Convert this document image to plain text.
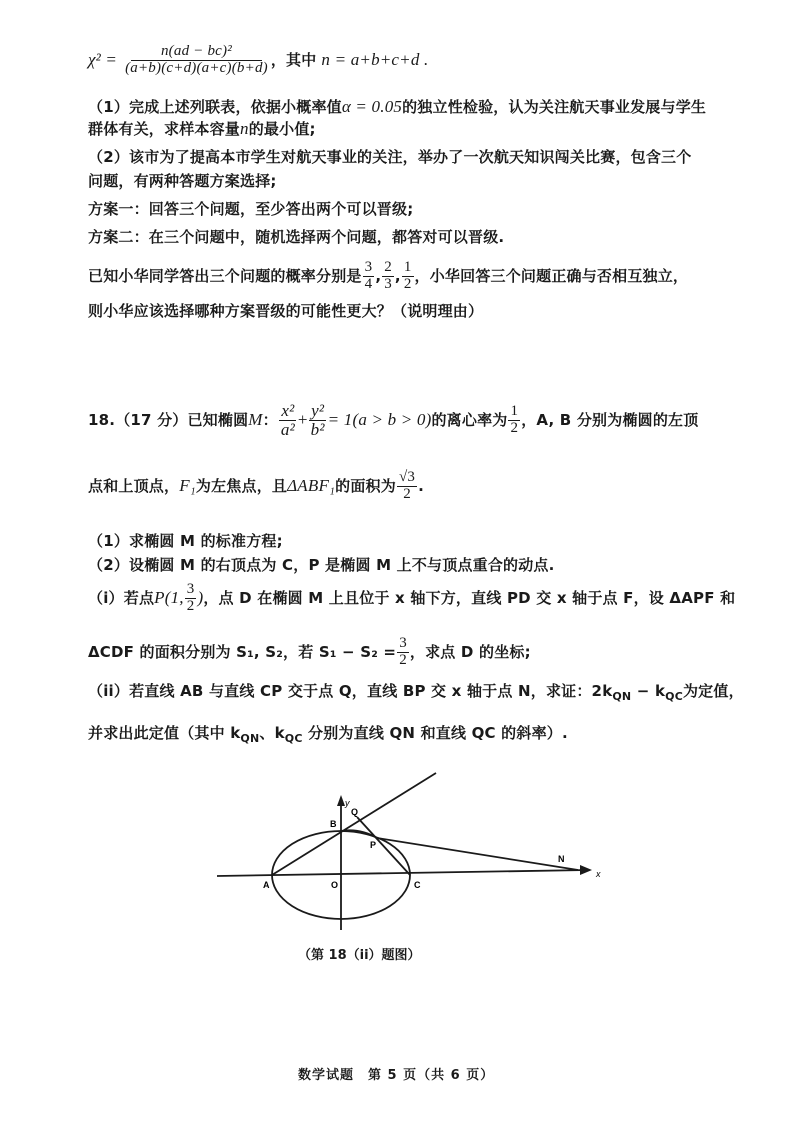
$\chi^2 = \frac{\text{n(ad − bc)²}}{(a+b)(c+d)(a+c)(b+d)}$ ，其中 n = a+b+c+d .
（1）完成上述列联表，依据小概率值α = 0.05的独立性检验，认为关注航天事业发展与学生
群体有关，求样本容量n的最小值;
（2）该市为了提高本市学生对航天事业的关注，举办了一次航天知识闯关比赛，包含三个
问题，有两种答题方案选择;
方案一：回答三个问题，至少答出两个可以晋级;
方案二：在三个问题中，随机选择两个问题，都答对可以晋级.
已知小华同学答出三个问题的概率分别是 $\frac{3}{4}$ , $\frac{2}{3}$ , $\frac{1}{2}$ ，小华回答三个问题正确与否相互独立，
则小华应该选择哪种方案晋级的可能性更大？（说明理由）
18.（17 分）已知椭圆M： $\frac{\text{x²}}{\text{a²}} + \frac{\text{y²}}{\text{b²}} = 1(a > b > 0)$的离心率为 $\frac{1}{2}$ ，A, B 分别为椭圆的左顶
点和上顶点，F₁为左焦点，且ΔABF₁的面积为 $\frac{√3}{2}$ .
（1）求椭圆 M 的标准方程;
（2）设椭圆 M 的右顶点为 C，P 是椭圆 M 上不与顶点重合的动点.
（i）若点P(1, $\frac{3}{2}$ )，点 D 在椭圆 M 上且位于 x 轴下方，直线 PD 交 x 轴于点 F，设 ΔAPF 和
ΔCDF 的面积分别为 S₁, S₂，若 $S_1 - S_2 = \frac{3}{2}$ ，求点 D 的坐标;
（ii）若直线 AB 与直线 CP 交于点 Q，直线 BP 交 x 轴于点 N，求证：$2k_{QN} - k_{QC}$为定值，
并求出此定值（其中 $k_{QN}$、$k_{QC}$ 分别为直线 QN 和直线 QC 的斜率）.
A
B
C
O
P
Q
N
x
y
（第 18（ii）题图）
数学试题　第 5 页（共 6 页）
